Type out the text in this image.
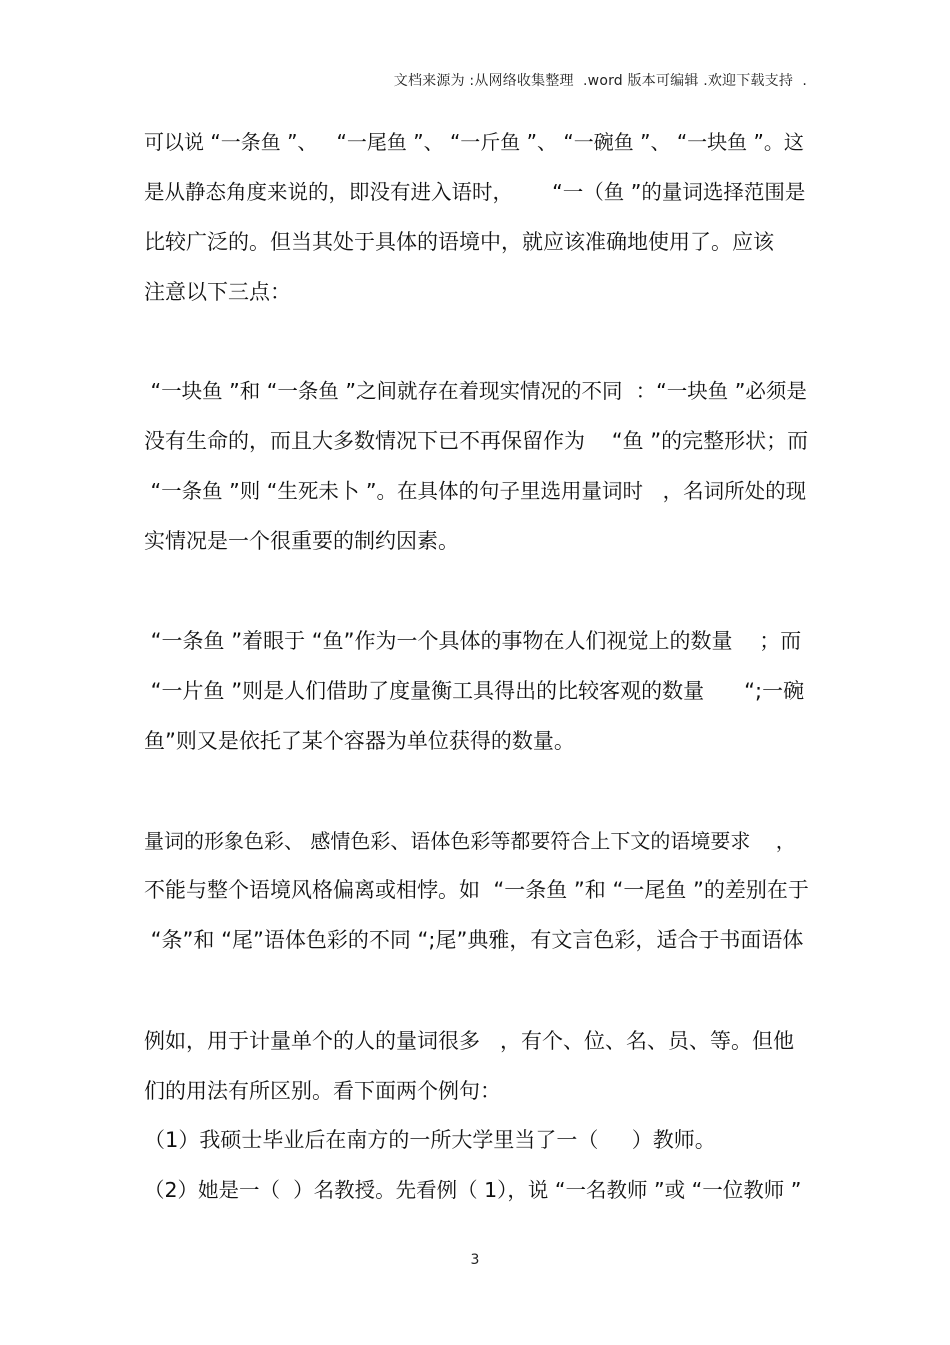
文档来源为 :从网络收集整理  .word 版本可编辑 .欢迎下载支持  .
可以说 “一条鱼 ”、   “一尾鱼 ”、 “一斤鱼 ”、 “一碗鱼 ”、 “一块鱼 ”。这
是从静态角度来说的，即没有进入语时，      “一（鱼 ”的量词选择范围是
比较广泛的。但当其处于具体的语境中，就应该准确地使用了。应该
注意以下三点：
“一块鱼 ”和 “一条鱼 ”之间就存在着现实情况的不同  ：“一块鱼 ”必须是
没有生命的，而且大多数情况下已不再保留作为    “鱼 ”的完整形状；而
“一条鱼 ”则 “生死未卜 ”。在具体的句子里选用量词时   ，名词所处的现
实情况是一个很重要的制约因素。
“一条鱼 ”着眼于 “鱼”作为一个具体的事物在人们视觉上的数量    ；而
“一片鱼 ”则是人们借助了度量衡工具得出的比较客观的数量      “;一碗
鱼”则又是依托了某个容器为单位获得的数量。
量词的形象色彩、 感情色彩、语体色彩等都要符合上下文的语境要求    ，
不能与整个语境风格偏离或相悖。如  “一条鱼 ”和 “一尾鱼 ”的差别在于
“条”和 “尾”语体色彩的不同 “;尾”典雅，有文言色彩，适合于书面语体
例如，用于计量单个的人的量词很多   ，有个、位、名、员、等。但他
们的用法有所区别。看下面两个例句：
（1）我硕士毕业后在南方的一所大学里当了一（     ）教师。
（2）她是一（  ）名教授。先看例（ 1），说 “一名教师 ”或 “一位教师 ”
3
